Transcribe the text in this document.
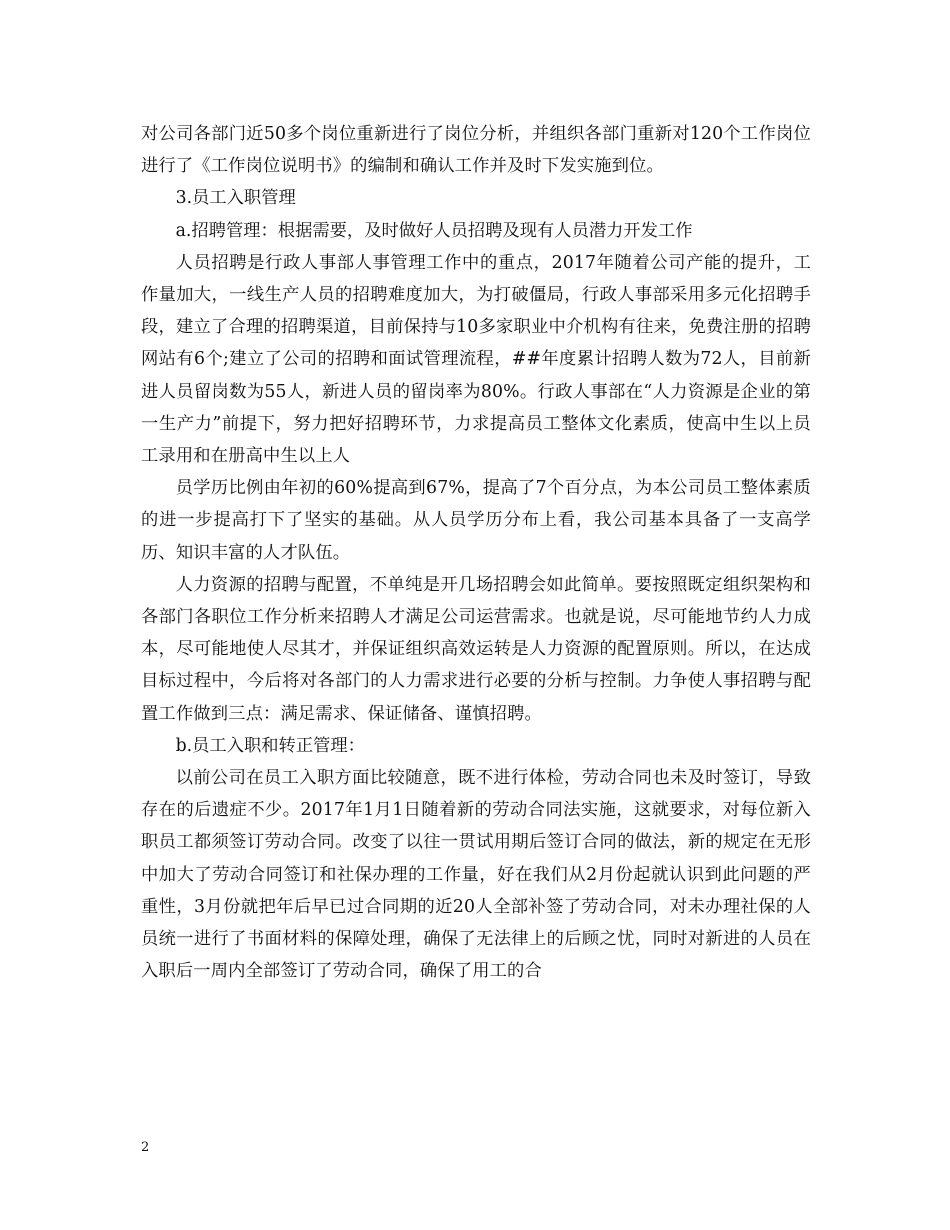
对公司各部门近50多个岗位重新进行了岗位分析，并组织各部门重新对120个工作岗位进行了《工作岗位说明书》的编制和确认工作并及时下发实施到位。

3.员工入职管理

a.招聘管理：根据需要，及时做好人员招聘及现有人员潜力开发工作

人员招聘是行政人事部人事管理工作中的重点，2017年随着公司产能的提升，工作量加大，一线生产人员的招聘难度加大，为打破僵局，行政人事部采用多元化招聘手段，建立了合理的招聘渠道，目前保持与10多家职业中介机构有往来，免费注册的招聘网站有6个;建立了公司的招聘和面试管理流程，##年度累计招聘人数为72人，目前新进人员留岗数为55人，新进人员的留岗率为80%。行政人事部在“人力资源是企业的第一生产力”前提下，努力把好招聘环节，力求提高员工整体文化素质，使高中生以上员工录用和在册高中生以上人

员学历比例由年初的60%提高到67%，提高了7个百分点，为本公司员工整体素质的进一步提高打下了坚实的基础。从人员学历分布上看，我公司基本具备了一支高学历、知识丰富的人才队伍。

人力资源的招聘与配置，不单纯是开几场招聘会如此简单。要按照既定组织架构和各部门各职位工作分析来招聘人才满足公司运营需求。也就是说，尽可能地节约人力成本，尽可能地使人尽其才，并保证组织高效运转是人力资源的配置原则。所以，在达成目标过程中，今后将对各部门的人力需求进行必要的分析与控制。力争使人事招聘与配置工作做到三点：满足需求、保证储备、谨慎招聘。

b.员工入职和转正管理：

以前公司在员工入职方面比较随意，既不进行体检，劳动合同也未及时签订，导致存在的后遗症不少。2017年1月1日随着新的劳动合同法实施，这就要求，对每位新入职员工都须签订劳动合同。改变了以往一贯试用期后签订合同的做法，新的规定在无形中加大了劳动合同签订和社保办理的工作量，好在我们从2月份起就认识到此问题的严重性，3月份就把年后早已过合同期的近20人全部补签了劳动合同，对未办理社保的人员统一进行了书面材料的保障处理，确保了无法律上的后顾之忧，同时对新进的人员在入职后一周内全部签订了劳动合同，确保了用工的合

2
